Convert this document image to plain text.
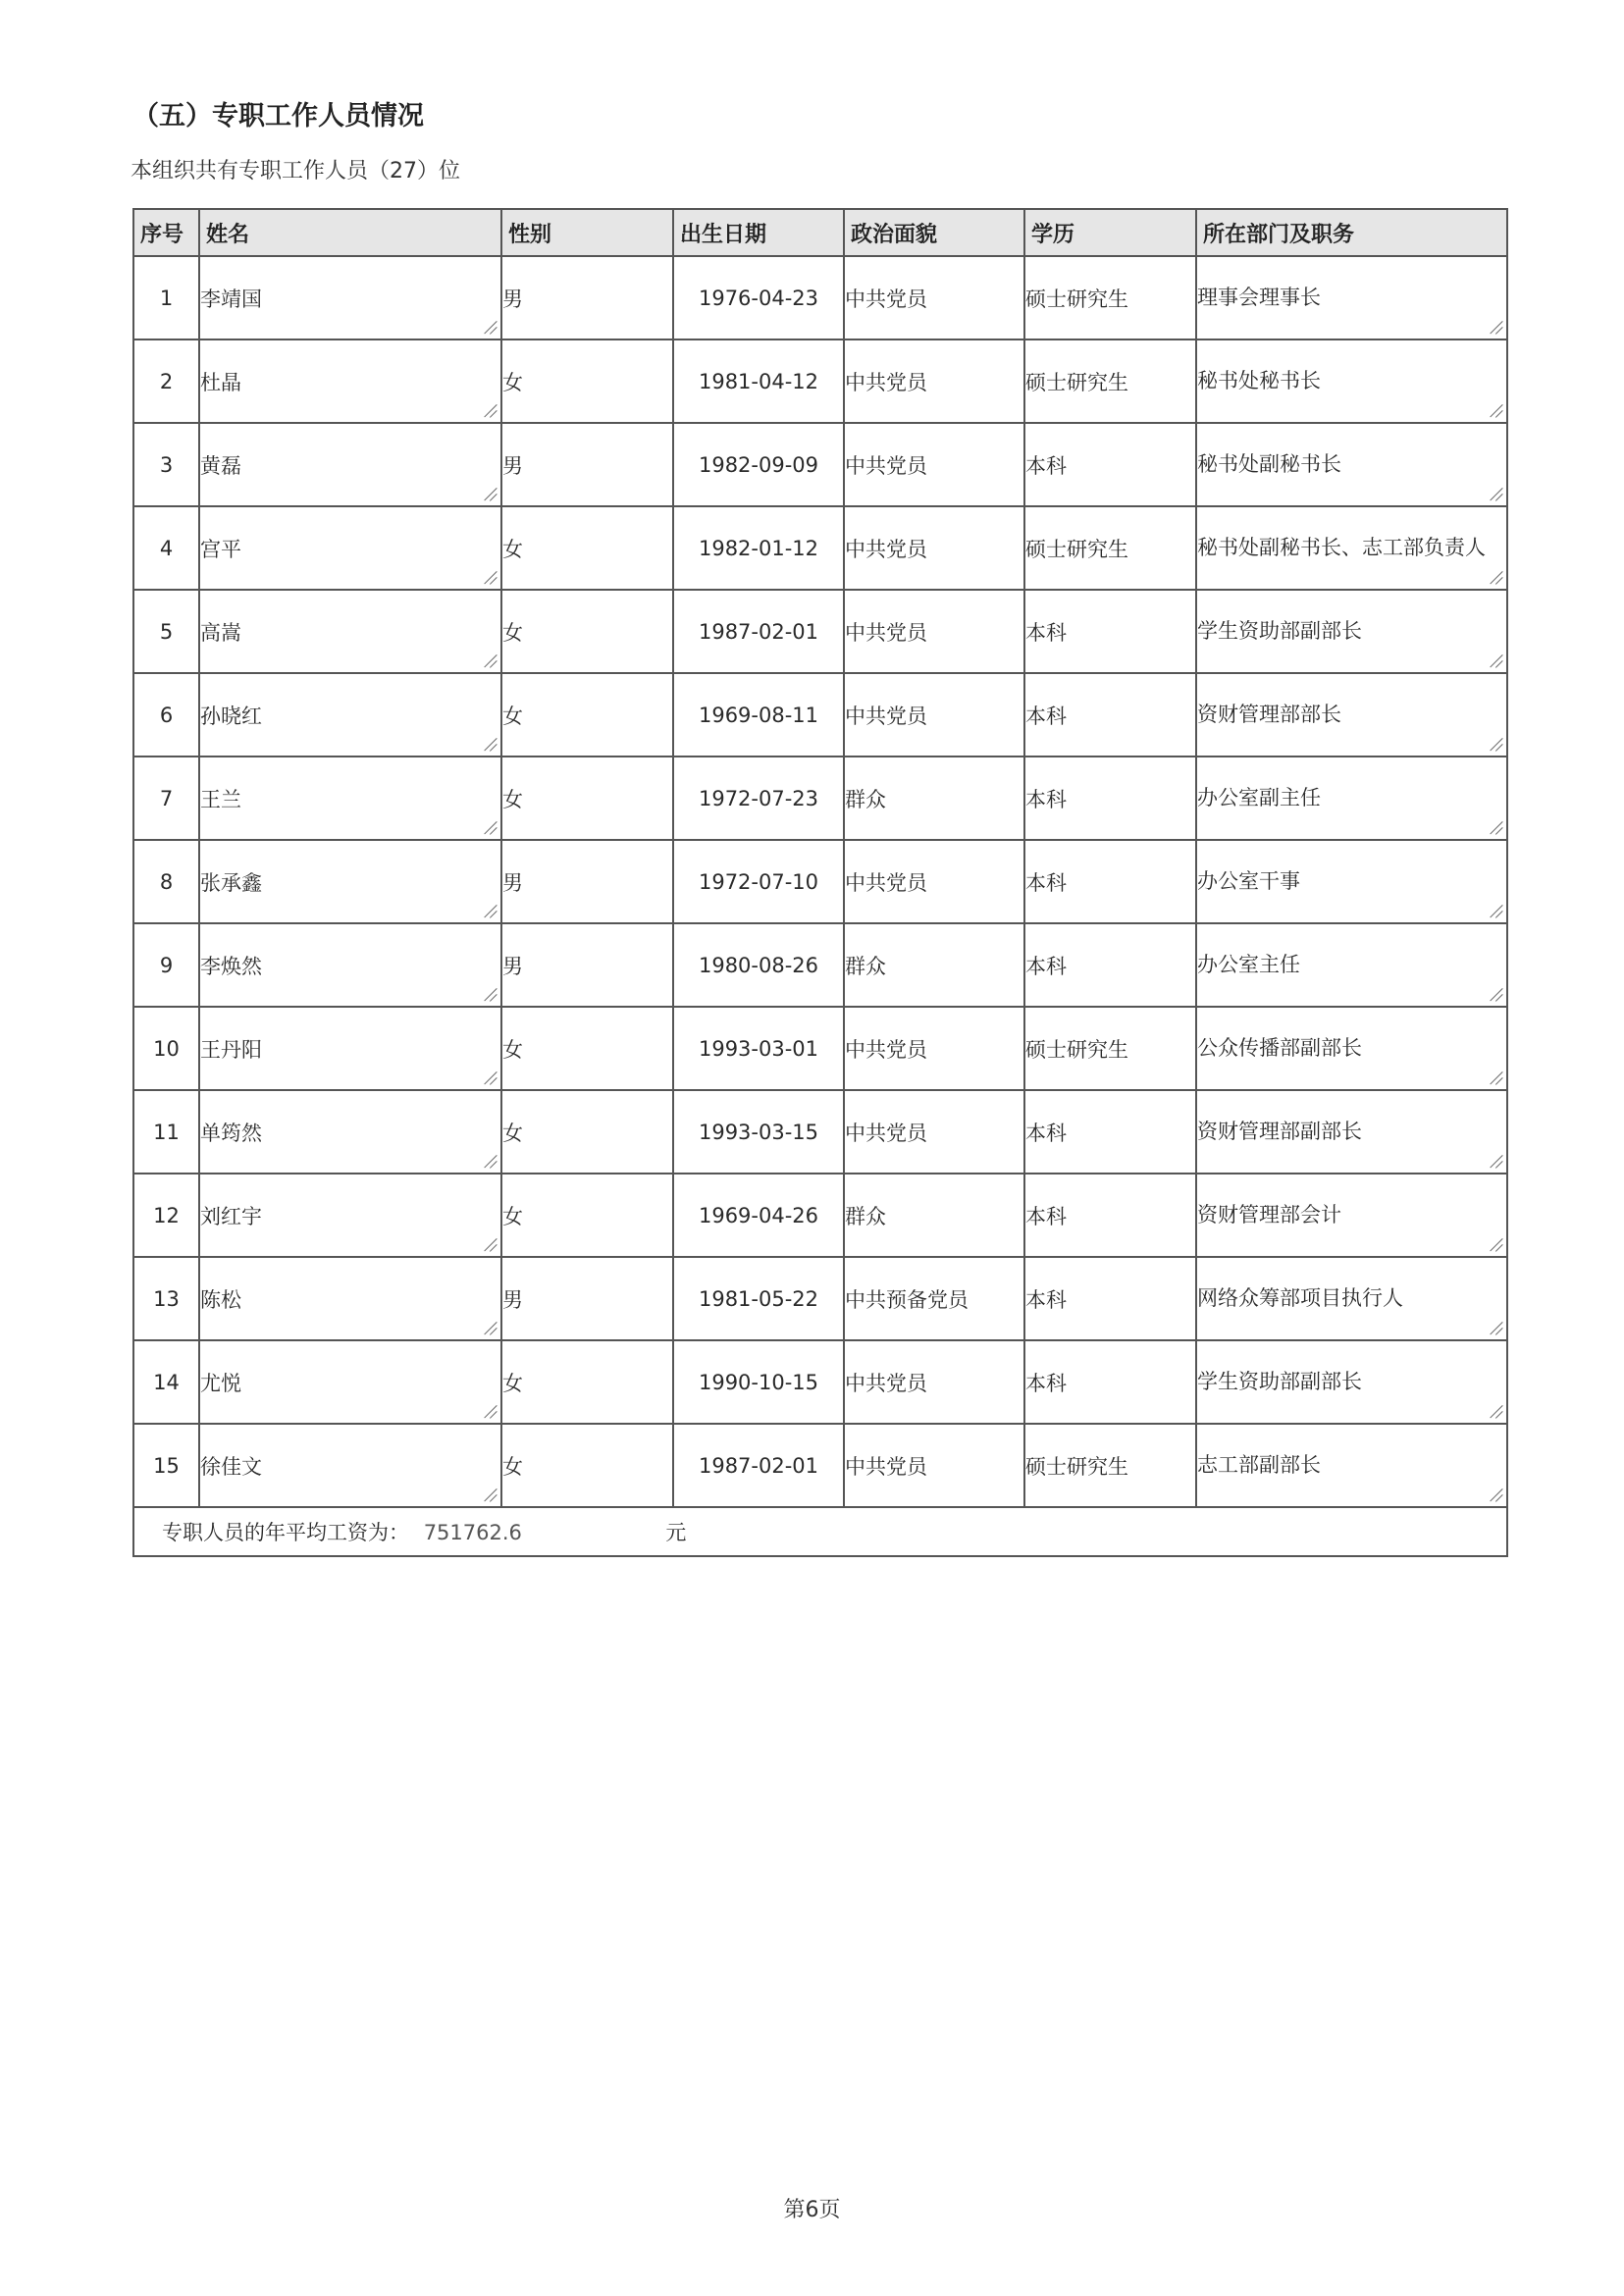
（五）专职工作人员情况
本组织共有专职工作人员（27）位
序号	姓名	性别	出生日期	政治面貌	学历	所在部门及职务
1	李靖国	男	1976-04-23	中共党员	硕士研究生	理事会理事长

2	杜晶	女	1981-04-12	中共党员	硕士研究生	秘书处秘书长

3	黄磊	男	1982-09-09	中共党员	本科	秘书处副秘书长

4	宫平	女	1982-01-12	中共党员	硕士研究生	秘书处副秘书长、志工部负责人

5	高嵩	女	1987-02-01	中共党员	本科	学生资助部副部长

6	孙晓红	女	1969-08-11	中共党员	本科	资财管理部部长

7	王兰	女	1972-07-23	群众	本科	办公室副主任

8	张承鑫	男	1972-07-10	中共党员	本科	办公室干事

9	李焕然	男	1980-08-26	群众	本科	办公室主任

10	王丹阳	女	1993-03-01	中共党员	硕士研究生	公众传播部副部长

11	单筠然	女	1993-03-15	中共党员	本科	资财管理部副部长

12	刘红宇	女	1969-04-26	群众	本科	资财管理部会计

13	陈松	男	1981-05-22	中共预备党员	本科	网络众筹部项目执行人

14	尤悦	女	1990-10-15	中共党员	本科	学生资助部副部长

15	徐佳文	女	1987-02-01	中共党员	硕士研究生	志工部副部长

专职人员的年平均工资为： 751762.6 元						
第6页
